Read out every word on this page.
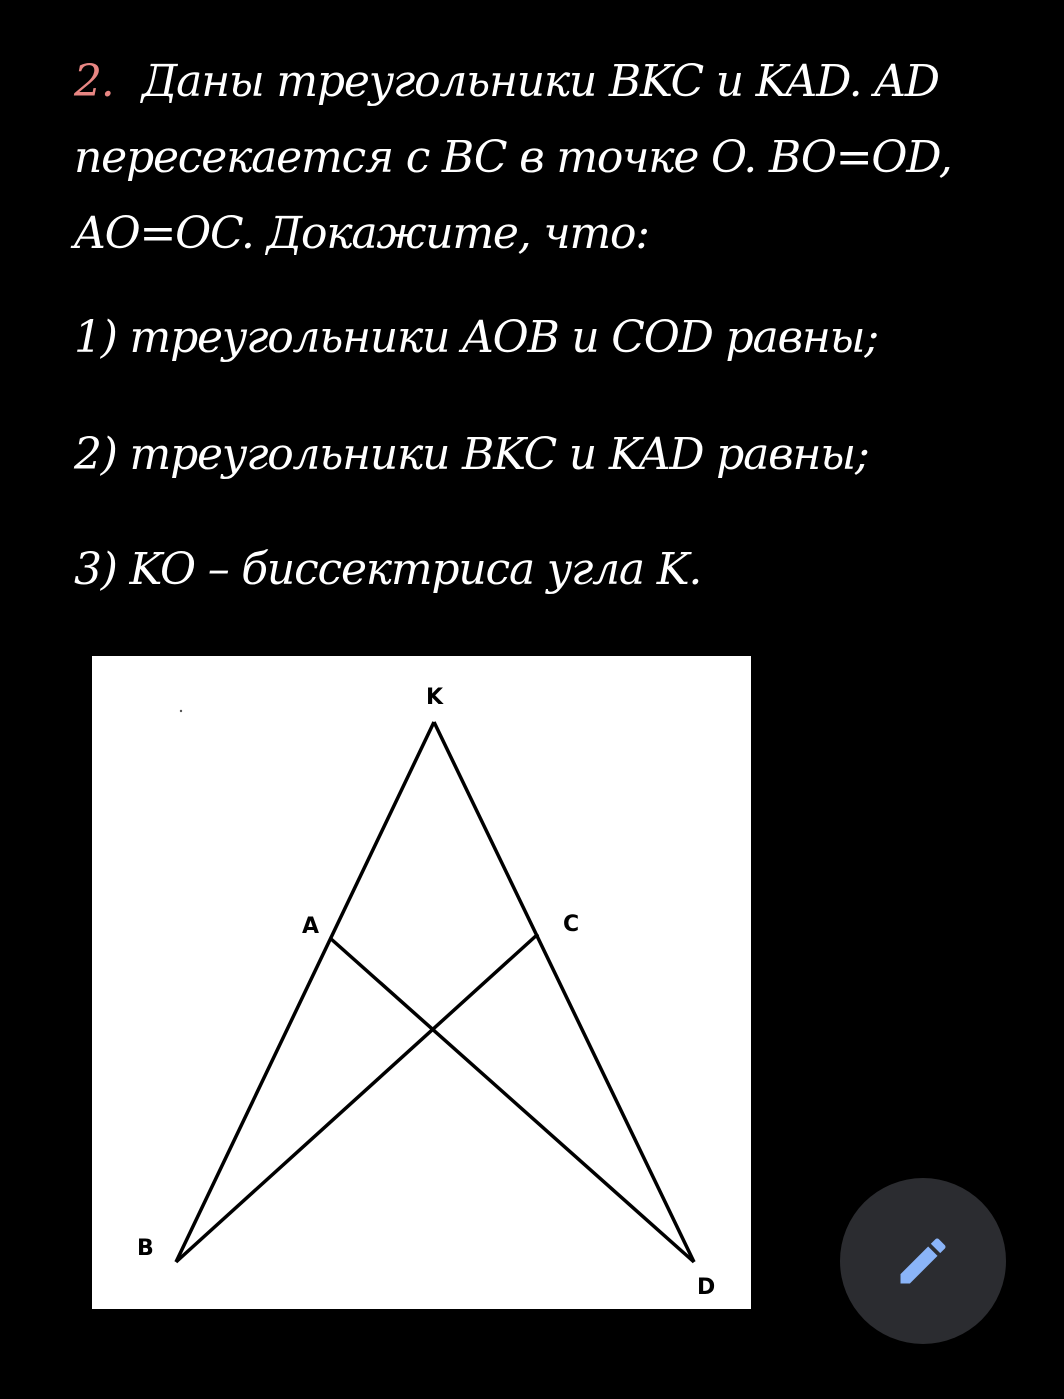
2. Даны треугольники BKC и KAD. AD пересекается с BC в точке O. BO=OD, AO=OC. Докажите, что:
1) треугольники AOB и COD равны;
2) треугольники BKC и KAD равны;
3) KO – биссектриса угла K.
K
A	C
B
D
